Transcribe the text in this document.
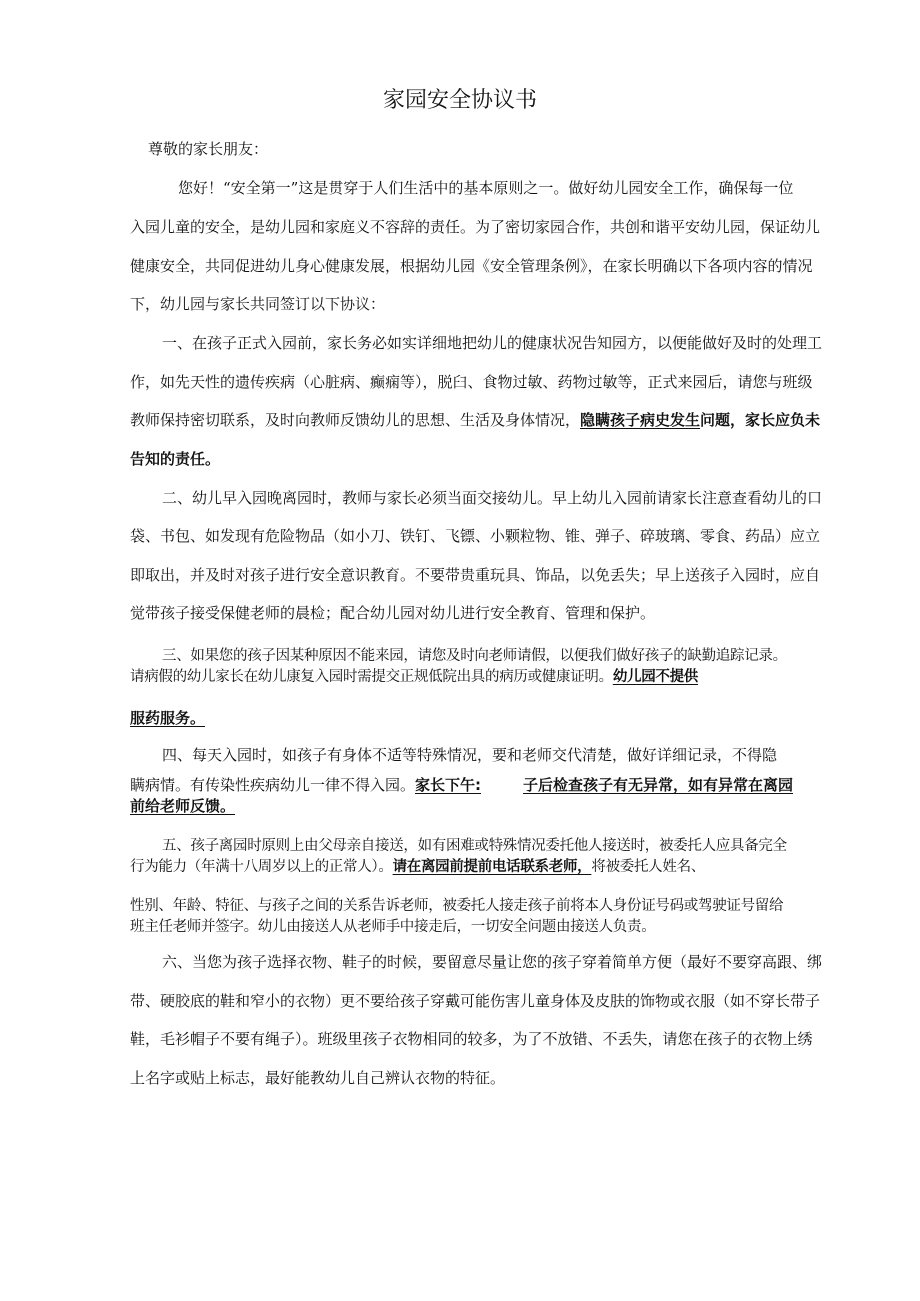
家园安全协议书

尊敬的家长朋友：

您好！“安全第一”这是贯穿于人们生活中的基本原则之一。做好幼儿园安全工作，确保每一位

入园儿童的安全，是幼儿园和家庭义不容辞的责任。为了密切家园合作，共创和谐平安幼儿园，保证幼儿

健康安全，共同促进幼儿身心健康发展，根据幼儿园《安全管理条例》，在家长明确以下各项内容的情况

下，幼儿园与家长共同签订以下协议：

一、在孩子正式入园前，家长务必如实详细地把幼儿的健康状况告知园方，以便能做好及时的处理工

作，如先天性的遗传疾病（心脏病、癫痫等），脱臼、食物过敏、药物过敏等，正式来园后，请您与班级

教师保持密切联系，及时向教师反馈幼儿的思想、生活及身体情况，隐瞒孩子病史发生问题，家长应负未

告知的责任。

二、幼儿早入园晚离园时，教师与家长必须当面交接幼儿。早上幼儿入园前请家长注意查看幼儿的口

袋、书包、如发现有危险物品（如小刀、铁钉、飞镖、小颗粒物、锥、弹子、碎玻璃、零食、药品）应立

即取出，并及时对孩子进行安全意识教育。不要带贵重玩具、饰品，以免丢失；早上送孩子入园时，应自

觉带孩子接受保健老师的晨检；配合幼儿园对幼儿进行安全教育、管理和保护。

三、如果您的孩子因某种原因不能来园，请您及时向老师请假，以便我们做好孩子的缺勤追踪记录。

请病假的幼儿家长在幼儿康复入园时需提交正规低院出具的病历或健康证明。幼儿园不提供

服药服务。

四、每天入园时，如孩子有身体不适等特殊情况，要和老师交代清楚，做好详细记录，不得隐

瞒病情。有传染性疾病幼儿一律不得入园。家长下午:	子后检查孩子有无异常，如有异常在离园

前给老师反馈。

五、孩子离园时原则上由父母亲自接送，如有困难或特殊情况委托他人接送时，被委托人应具备完全

行为能力（年满十八周岁以上的正常人）。请在离园前提前电话联系老师，将被委托人姓名、

性别、年龄、特征、与孩子之间的关系告诉老师，被委托人接走孩子前将本人身份证号码或驾驶证号留给

班主任老师并签字。幼儿由接送人从老师手中接走后，一切安全问题由接送人负责。

六、当您为孩子选择衣物、鞋子的时候，要留意尽量让您的孩子穿着简单方便（最好不要穿高跟、绑

带、硬胶底的鞋和窄小的衣物）更不要给孩子穿戴可能伤害儿童身体及皮肤的饰物或衣服（如不穿长带子

鞋，毛衫帽子不要有绳子）。班级里孩子衣物相同的较多，为了不放错、不丢失，请您在孩子的衣物上绣

上名字或贴上标志，最好能教幼儿自己辨认衣物的特征。
